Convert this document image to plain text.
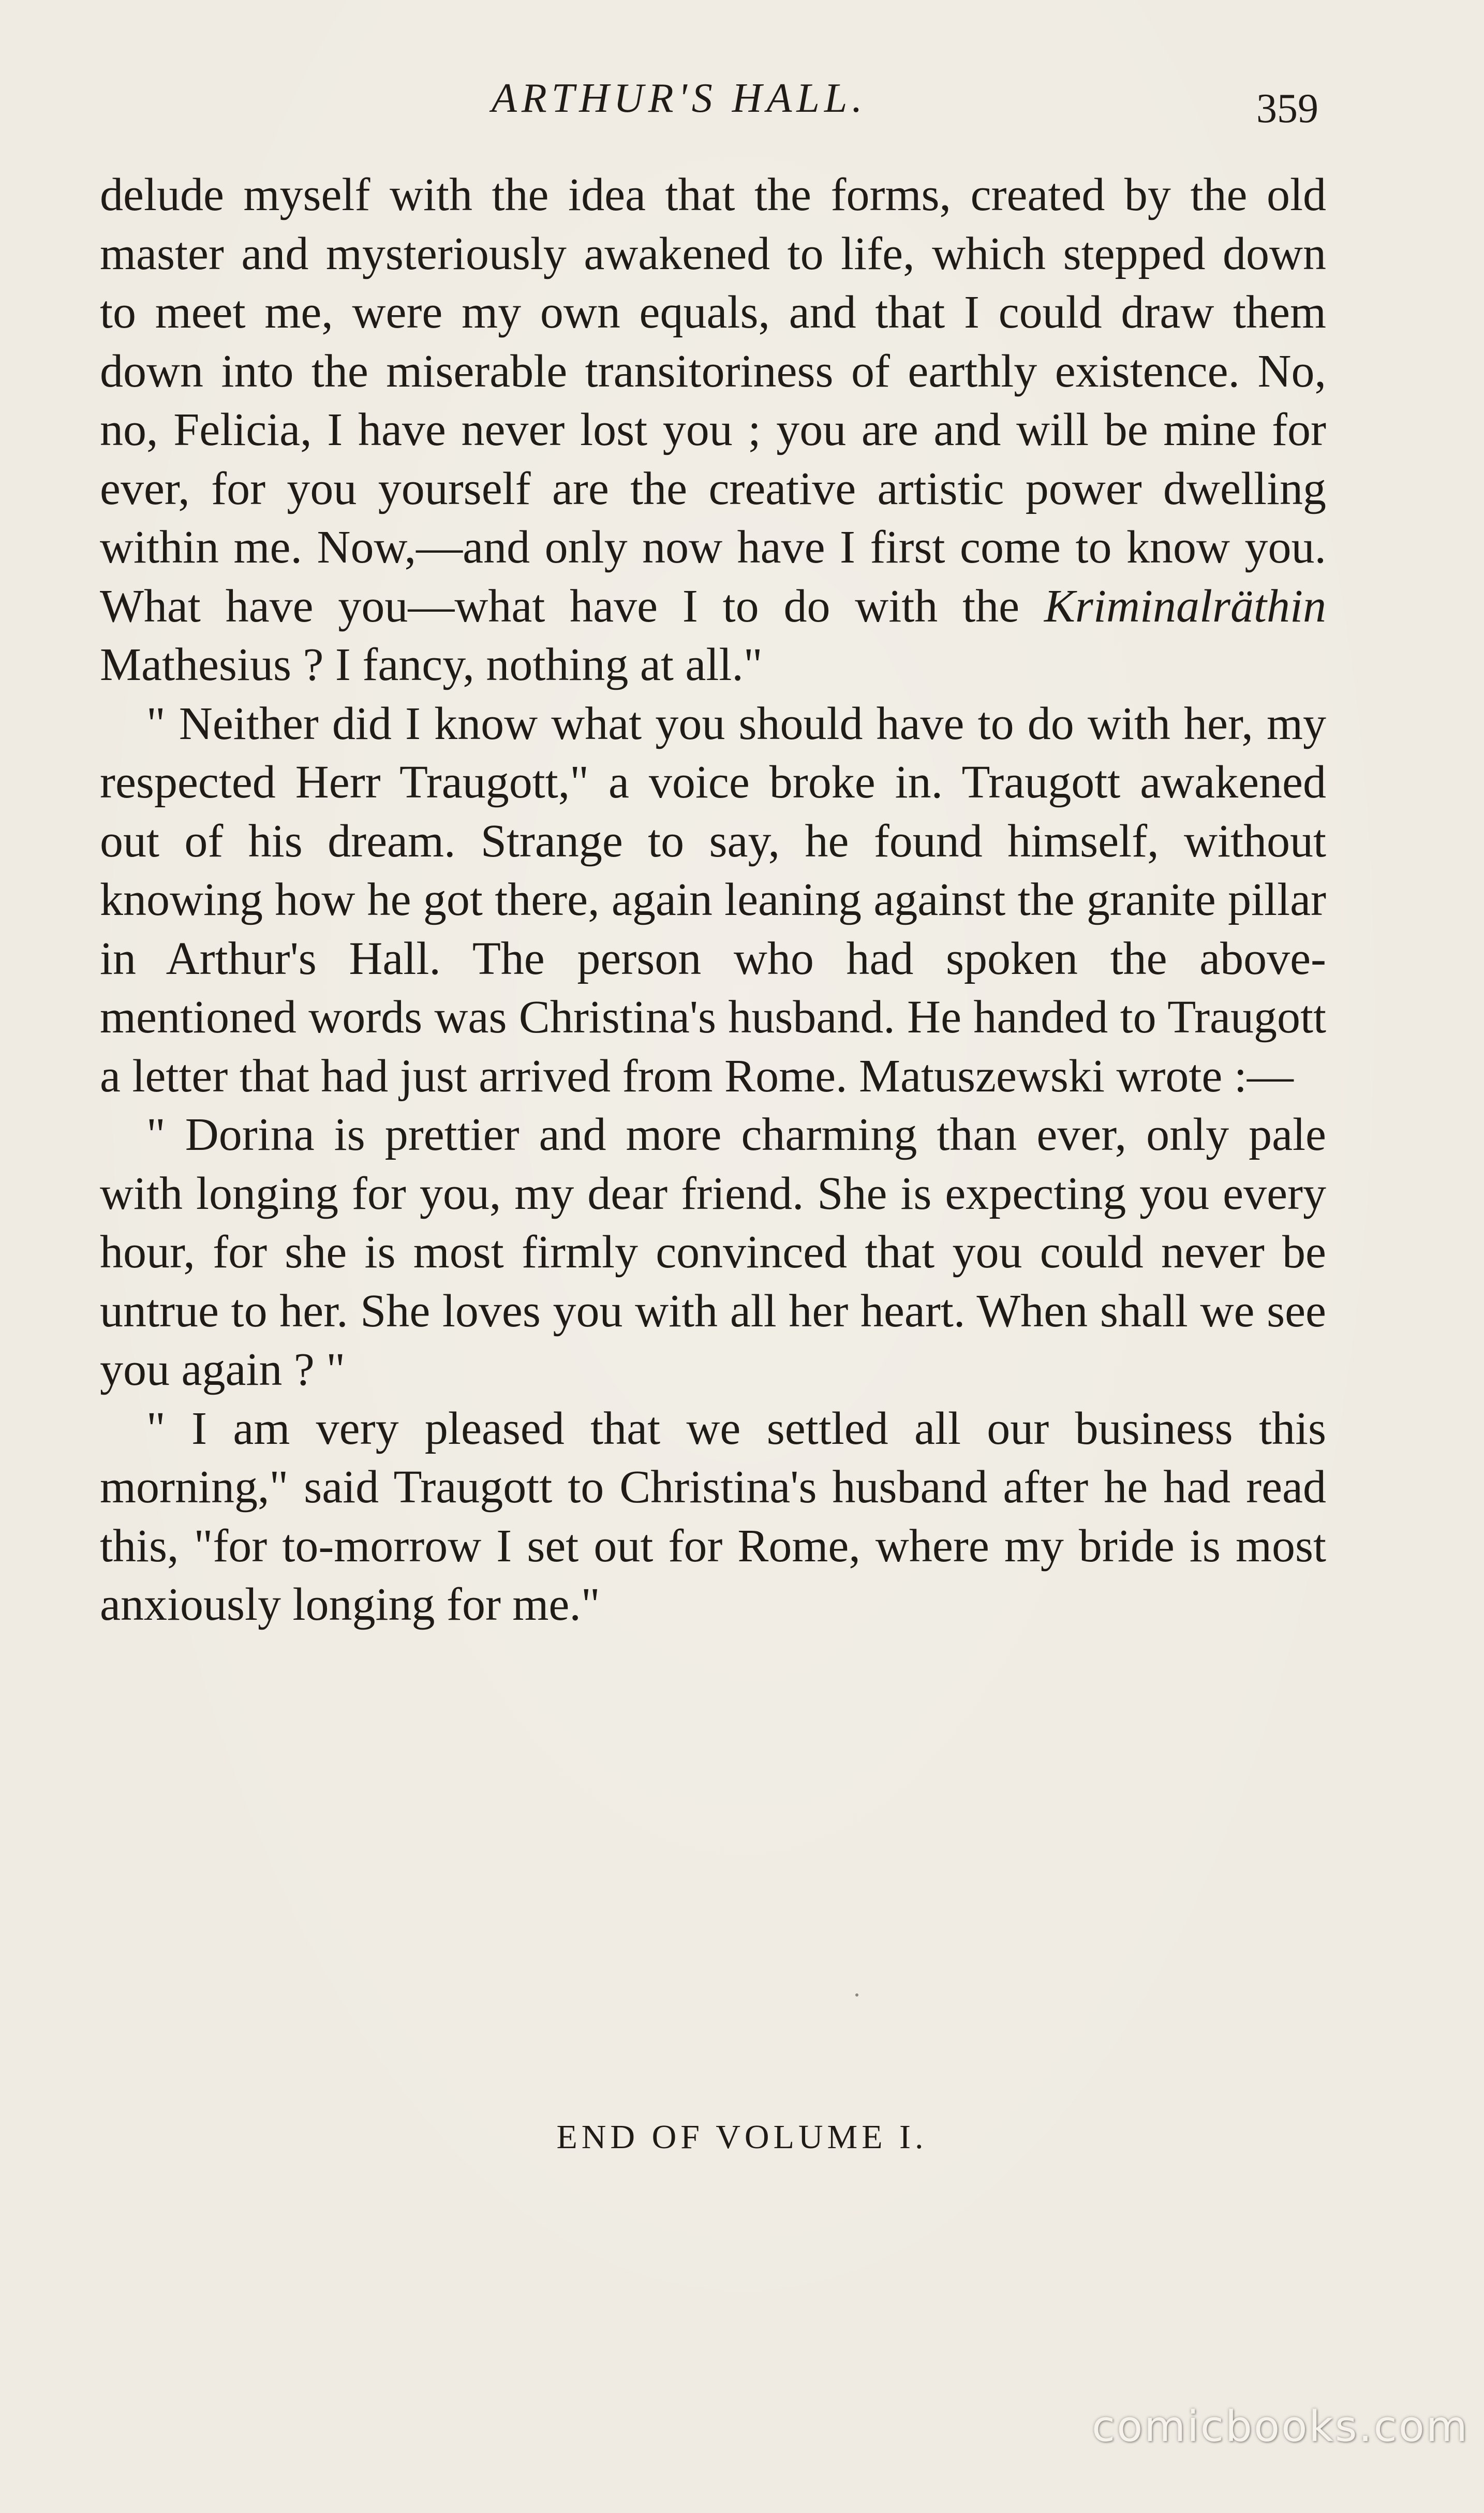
ARTHUR'S HALL.	359

delude myself with the idea that the forms, created by the old master and mysteriously awakened to life, which stepped down to meet me, were my own equals, and that I could draw them down into the miserable transitoriness of earthly existence. No, no, Felicia, I have never lost you ; you are and will be mine for ever, for you yourself are the creative artistic power dwelling within me. Now,—and only now have I first come to know you. What have you—what have I to do with the Kriminalräthin Mathesius ? I fancy, nothing at all."

" Neither did I know what you should have to do with her, my respected Herr Traugott," a voice broke in. Traugott awakened out of his dream. Strange to say, he found himself, without knowing how he got there, again leaning against the granite pillar in Arthur's Hall. The person who had spoken the above-mentioned words was Christina's husband. He handed to Traugott a letter that had just arrived from Rome. Matuszewski wrote :—

" Dorina is prettier and more charming than ever, only pale with longing for you, my dear friend. She is expecting you every hour, for she is most firmly convinced that you could never be untrue to her. She loves you with all her heart. When shall we see you again ? "

" I am very pleased that we settled all our business this morning," said Traugott to Christina's husband after he had read this, "for to-morrow I set out for Rome, where my bride is most anxiously longing for me."

END OF VOLUME I.
comicbooks.com
